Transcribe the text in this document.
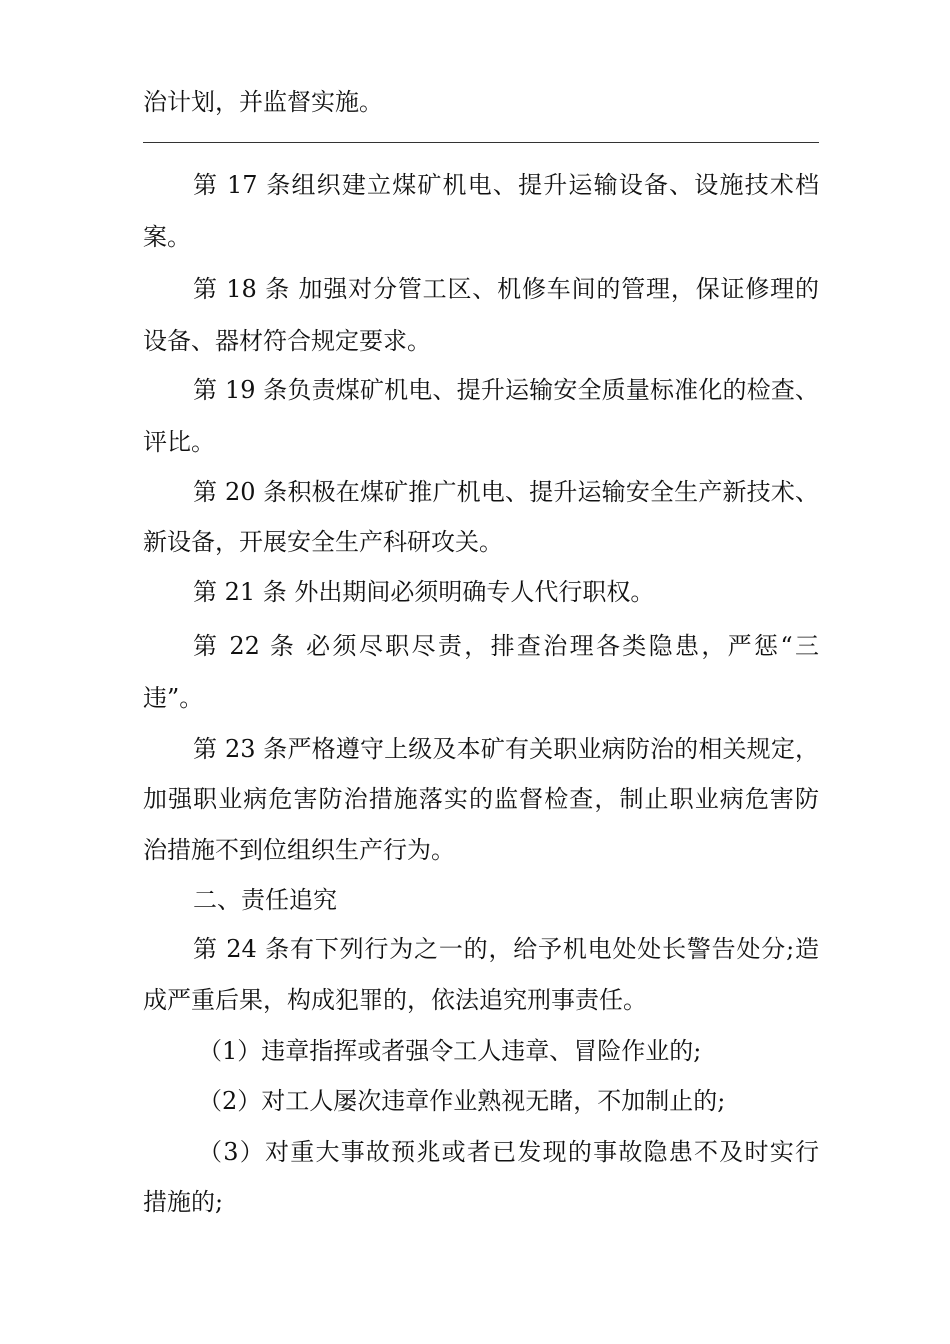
治计划，并监督实施。
第 17 条组织建立煤矿机电、提升运输设备、设施技术档
案。
第 18 条 加强对分管工区、机修车间的管理，保证修理的
设备、器材符合规定要求。
第 19 条负责煤矿机电、提升运输安全质量标准化的检查、
评比。
第 20 条积极在煤矿推广机电、提升运输安全生产新技术、
新设备，开展安全生产科研攻关。
第 21 条 外出期间必须明确专人代行职权。
第 22 条 必须尽职尽责，排查治理各类隐患，严惩“三
违”。
第 23 条严格遵守上级及本矿有关职业病防治的相关规定，
加强职业病危害防治措施落实的监督检查，制止职业病危害防
治措施不到位组织生产行为。
二、责任追究
第 24 条有下列行为之一的，给予机电处处长警告处分;造
成严重后果，构成犯罪的，依法追究刑事责任。
（1）违章指挥或者强令工人违章、冒险作业的;
（2）对工人屡次违章作业熟视无睹，不加制止的;
（3）对重大事故预兆或者已发现的事故隐患不及时实行
措施的;
